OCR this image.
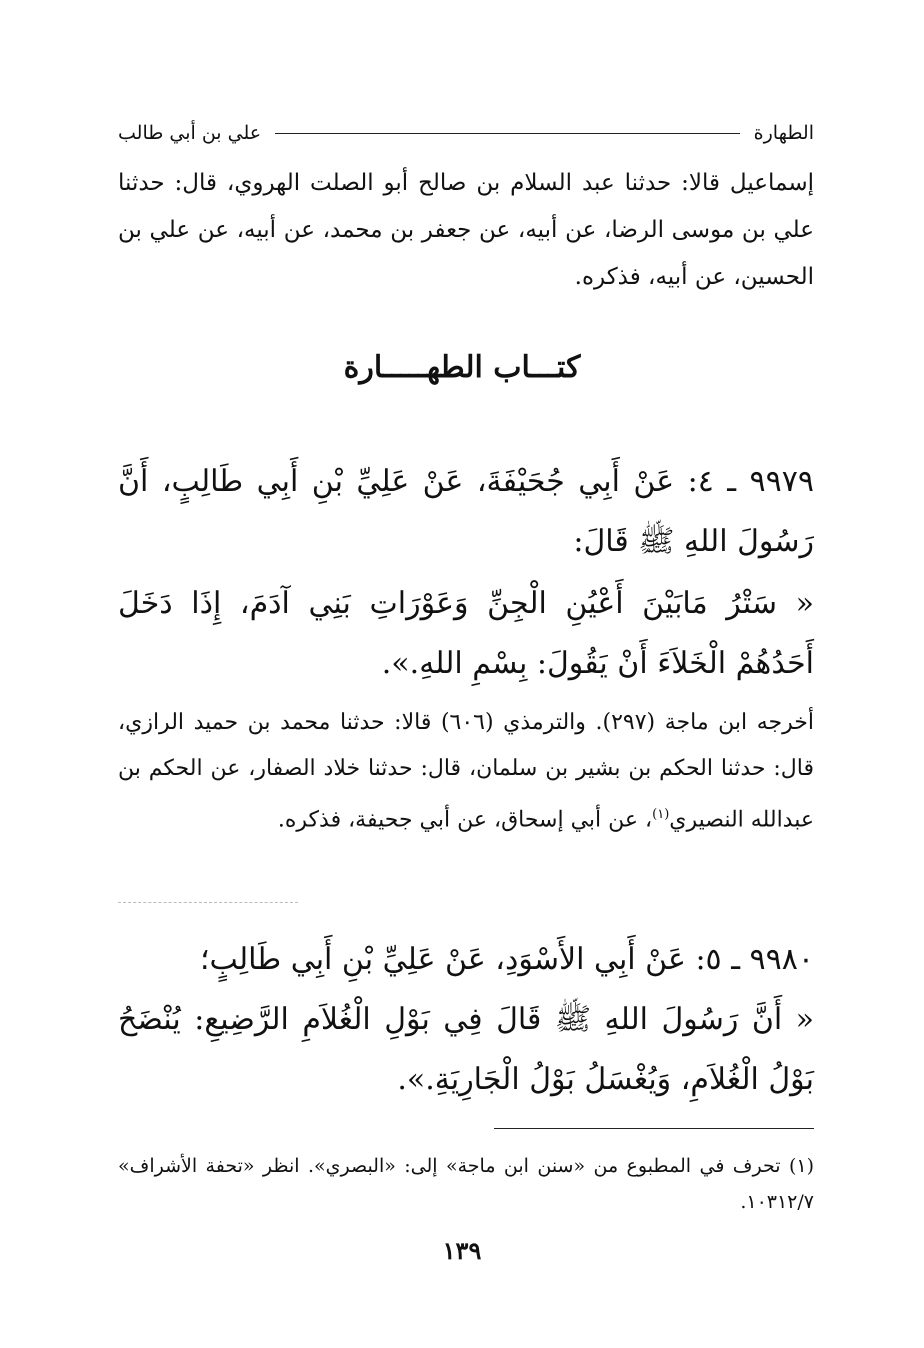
الطهارة
علي بن أبي طالب
إسماعيل قالا: حدثنا عبد السلام بن صالح أبو الصلت الهروي، قال: حدثنا علي بن موسى الرضا، عن أبيه، عن جعفر بن محمد، عن أبيه، عن علي بن الحسين، عن أبيه، فذكره.
كتـــاب الطهـــــارة
٩٩٧٩ ـ ٤: عَنْ أَبِي جُحَيْفَةَ، عَنْ عَلِيِّ بْنِ أَبِي طَالِبٍ، أَنَّ رَسُولَ اللهِ ﷺ قَالَ:
« سَتْرُ مَابَيْنَ أَعْيُنِ الْجِنِّ وَعَوْرَاتِ بَنِي آدَمَ، إِذَا دَخَلَ أَحَدُهُمْ الْخَلاَءَ أَنْ يَقُولَ: بِسْمِ اللهِ.».
أخرجه ابن ماجة (٢٩٧). والترمذي (٦٠٦) قالا: حدثنا محمد بن حميد الرازي، قال: حدثنا الحكم بن بشير بن سلمان، قال: حدثنا خلاد الصفار، عن الحكم بن عبدالله النصيري$^{(١)}$، عن أبي إسحاق، عن أبي جحيفة، فذكره.
٩٩٨٠ ـ ٥: عَنْ أَبِي الأَسْوَدِ، عَنْ عَلِيِّ بْنِ أَبِي طَالِبٍ؛
« أَنَّ رَسُولَ اللهِ ﷺ قَالَ فِي بَوْلِ الْغُلاَمِ الرَّضِيعِ: يُنْضَحُ بَوْلُ الْغُلاَمِ، وَيُغْسَلُ بَوْلُ الْجَارِيَةِ.».
(١) تحرف في المطبوع من «سنن ابن ماجة» إلى: «البصري». انظر «تحفة الأشراف» ١٠٣١٢/٧.
١٣٩
